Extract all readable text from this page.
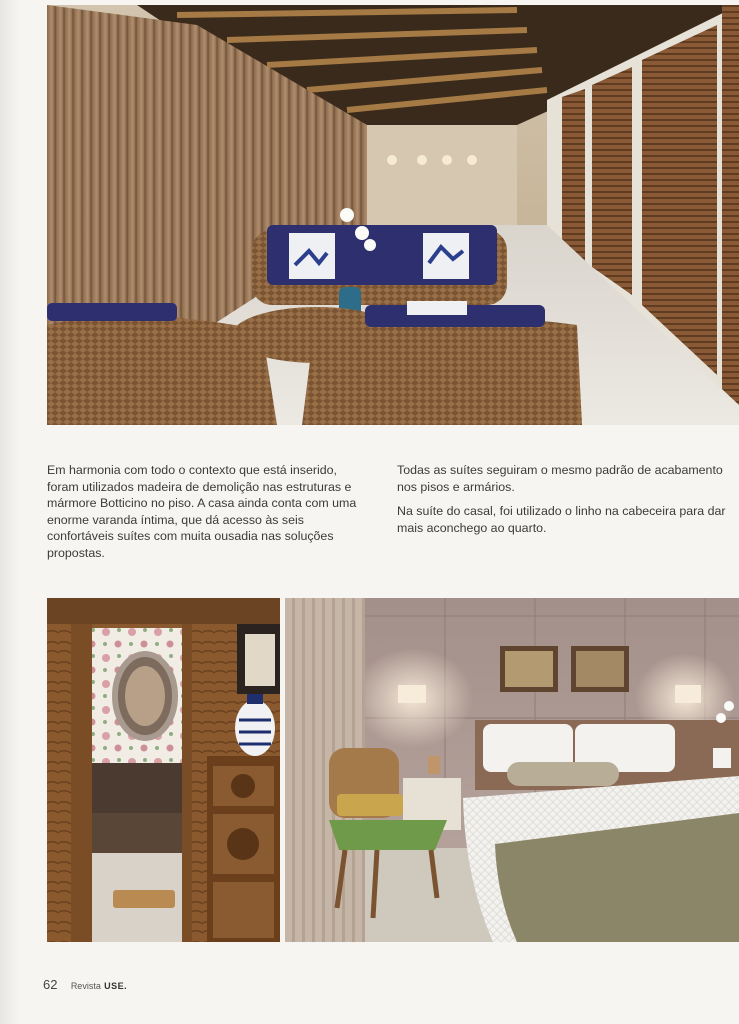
Em harmonia com todo o contexto que está inserido, foram utilizados madeira de demolição nas estruturas e mármore Botticino no piso. A casa ainda conta com uma enorme varanda íntima, que dá acesso às seis confortáveis suítes com muita ousadia nas soluções propostas.

Todas as suítes seguiram o mesmo padrão de acabamento nos pisos e armários.

Na suíte do casal, foi utilizado o linho na cabeceira para dar mais aconchego ao quarto.

62 Revista USE.
